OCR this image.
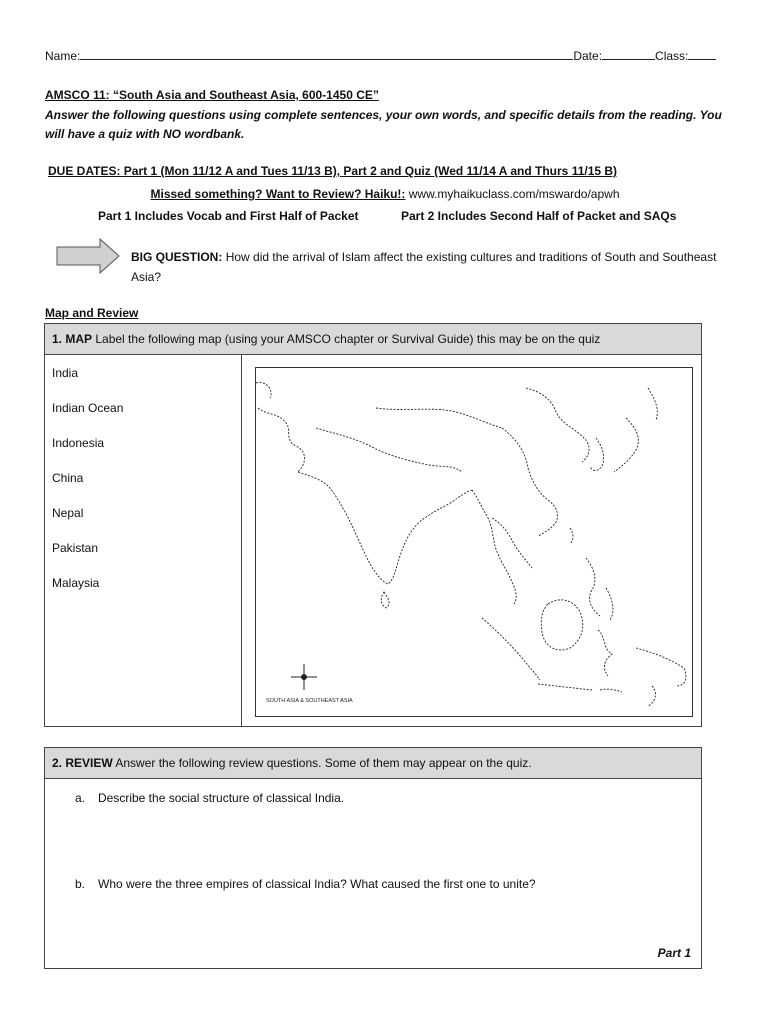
Name:	Date:	Class:
AMSCO 11: “South Asia and Southeast Asia, 600-1450 CE”
Answer the following questions using complete sentences, your own words, and specific details from the reading. You will have a quiz with NO wordbank.
DUE DATES: Part 1 (Mon 11/12 A and Tues 11/13 B), Part 2 and Quiz (Wed 11/14 A and Thurs 11/15 B)
Missed something? Want to Review? Haiku!: www.myhaikuclass.com/mswardo/apwh
Part 1 Includes Vocab and First Half of Packet	Part 2 Includes Second Half of Packet and SAQs
BIG QUESTION: How did the arrival of Islam affect the existing cultures and traditions of South and Southeast Asia?
Map and Review
1. MAP Label the following map (using your AMSCO chapter or Survival Guide) this may be on the quiz
India
Indian Ocean
Indonesia
China
Nepal
Pakistan
Malaysia
SOUTH ASIA & SOUTHEAST ASIA
2. REVIEW Answer the following review questions. Some of them may appear on the quiz.
a. Describe the social structure of classical India.
b. Who were the three empires of classical India? What caused the first one to unite?
Part 1
